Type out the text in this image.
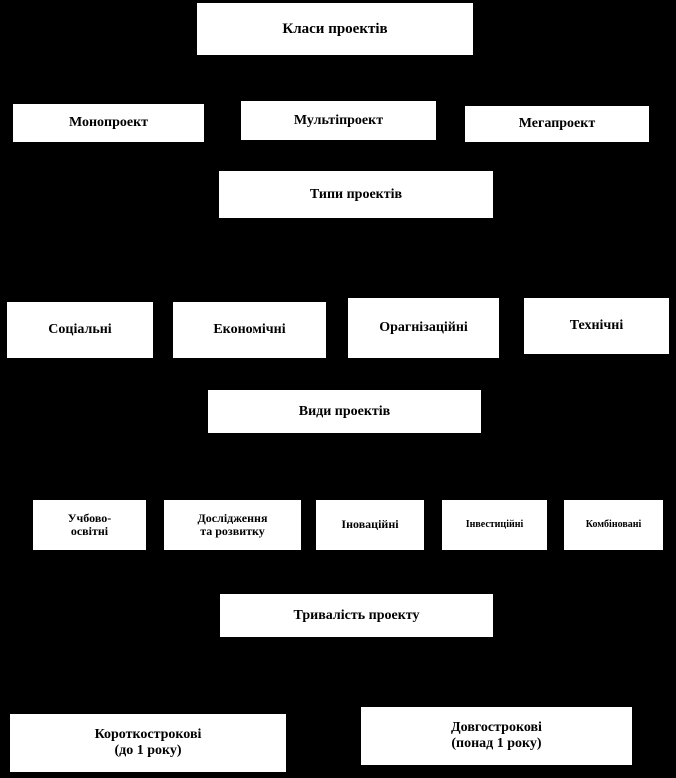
Класи проектів
Монопроект	Мультіпроект	Мегапроект
Типи проектів
Соціальні	Економічні	Орагнізаційні	Технічні
Види проектів
Учбово-
освітні
Дослідження
та розвитку	Іноваційні	Інвестиційні	Комбіновані
Тривалість проекту
Короткострокові
(до 1 року)
Довгострокові
(понад 1 року)
